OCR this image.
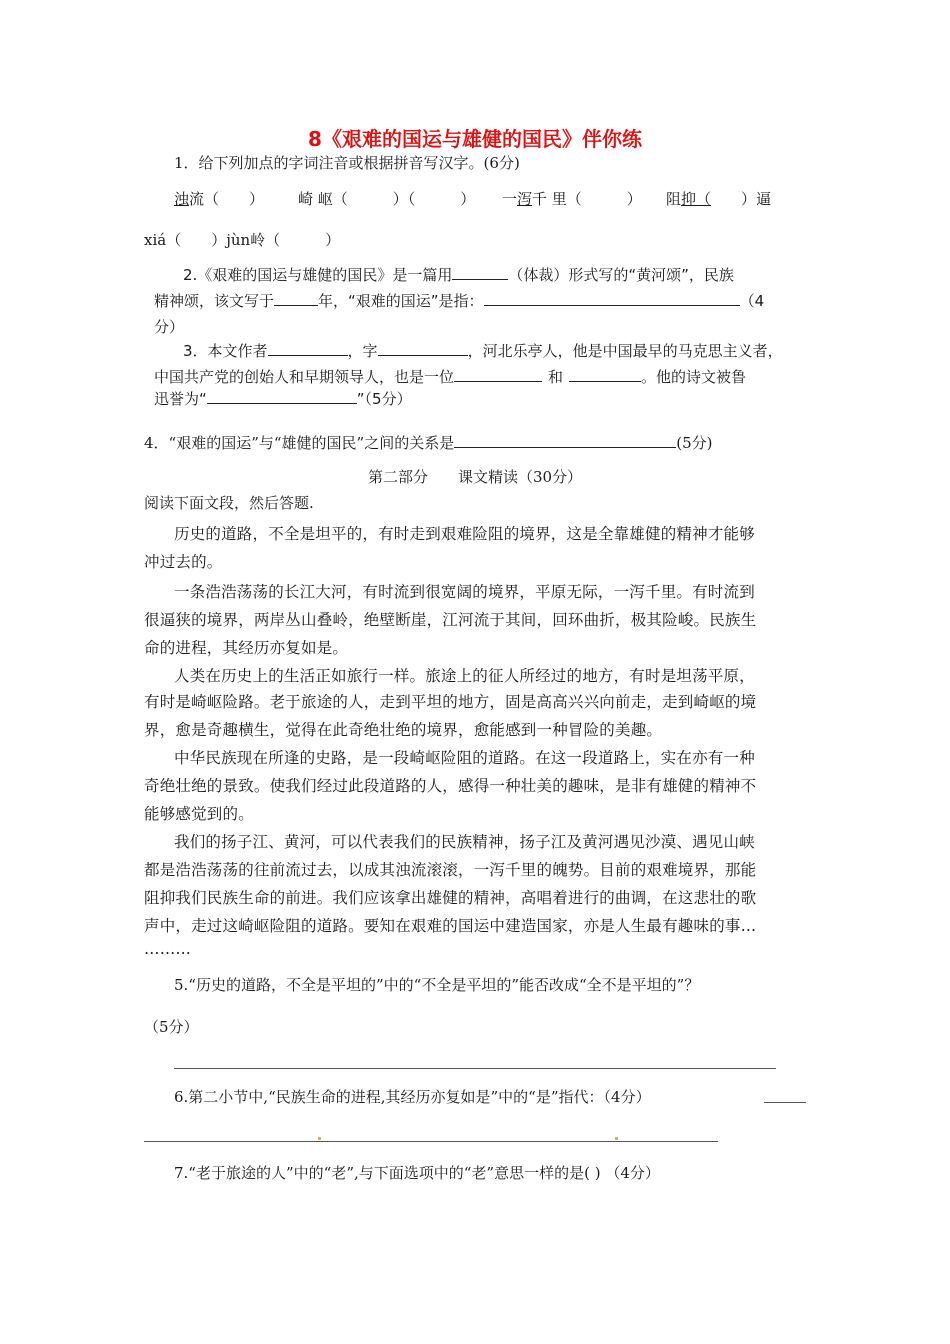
8《艰难的国运与雄健的国民》伴你练
1．给下列加点的字词注音或根据拼音写汉字。(6分)
浊流（　　） 崎 岖（　　　）（　　　） 一泻千 里（　　　） 阻抑（　　）逼
xiá（　　）jùn岭（　　　）
2.《艰难的国运与雄健的国民》是一篇用	（体裁）形式写的“黄河颂”，民族
精神颂，该文写于	年，“艰难的国运”是指：	（4
分）
3．本文作者	，字	，河北乐亭人，他是中国最早的马克思主义者，
中国共产党的创始人和早期领导人，也是一位	和	。他的诗文被鲁
迅誉为“	”（5分）
4．“艰难的国运”与“雄健的国民”之间的关系是	(5分)
第二部分　　课文精读（30分）
阅读下面文段，然后答题.
历史的道路，不全是坦平的，有时走到艰难险阻的境界，这是全靠雄健的精神才能够
冲过去的。
一条浩浩荡荡的长江大河，有时流到很宽阔的境界，平原无际，一泻千里。有时流到
很逼狭的境界，两岸丛山叠岭，绝壁断崖，江河流于其间，回环曲折，极其险峻。民族生
命的进程，其经历亦复如是。
人类在历史上的生活正如旅行一样。旅途上的征人所经过的地方，有时是坦荡平原，
有时是崎岖险路。老于旅途的人，走到平坦的地方，固是高高兴兴向前走，走到崎岖的境
界，愈是奇趣横生，觉得在此奇绝壮绝的境界，愈能感到一种冒险的美趣。
中华民族现在所逢的史路，是一段崎岖险阻的道路。在这一段道路上，实在亦有一种
奇绝壮绝的景致。使我们经过此段道路的人，感得一种壮美的趣味，是非有雄健的精神不
能够感觉到的。
我们的扬子江、黄河，可以代表我们的民族精神，扬子江及黄河遇见沙漠、遇见山峡
都是浩浩荡荡的往前流过去，以成其浊流滚滚，一泻千里的魄势。目前的艰难境界，那能
阻抑我们民族生命的前进。我们应该拿出雄健的精神，高唱着进行的曲调，在这悲壮的歌
声中，走过这崎岖险阻的道路。要知在艰难的国运中建造国家，亦是人生最有趣味的事…
………
5.“历史的道路，不全是平坦的”中的“不全是平坦的”能否改成“全不是平坦的”？
（5分）
6.第二小节中,“民族生命的进程,其经历亦复如是”中的“是”指代：（4分）
7.“老于旅途的人”中的“老”,与下面选项中的“老”意思一样的是( ) （4分）
